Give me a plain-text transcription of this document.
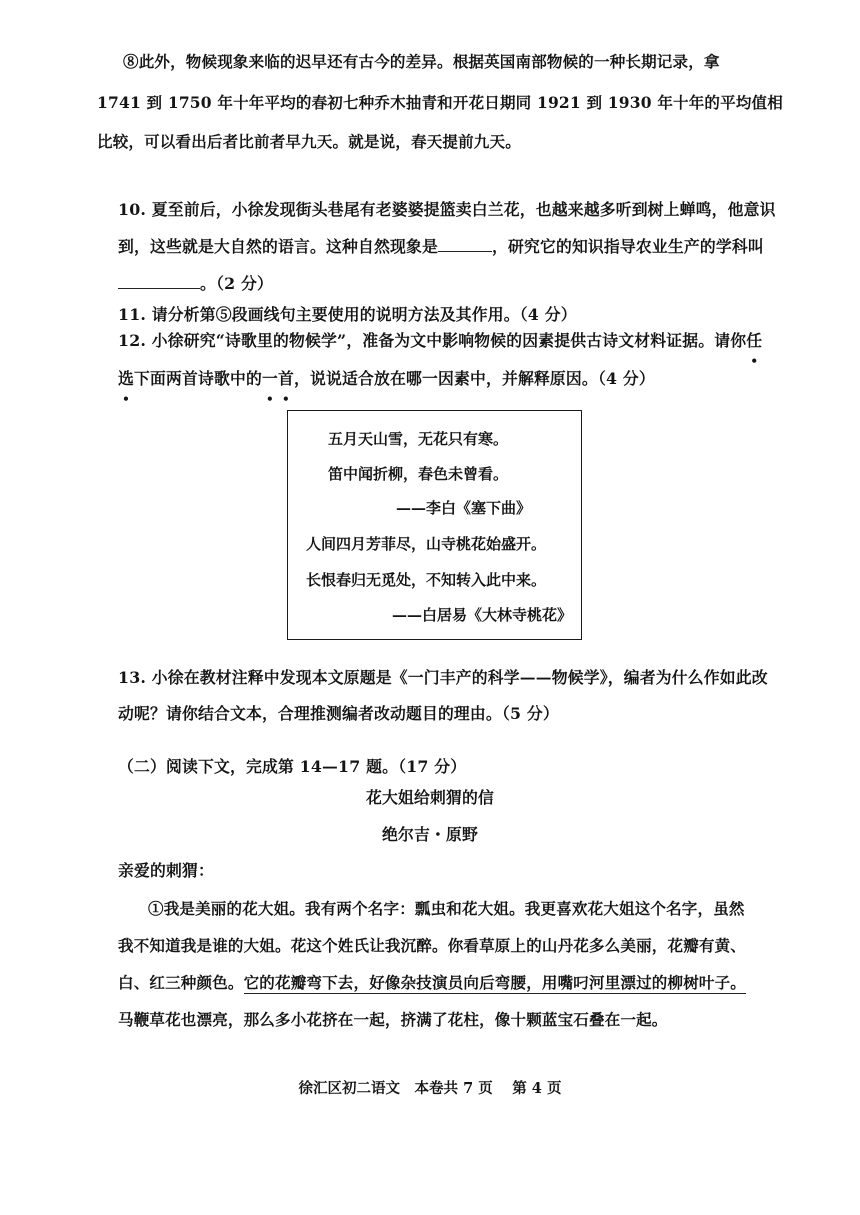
⑧此外，物候现象来临的迟早还有古今的差异。根据英国南部物候的一种长期记录，拿
1741 到 1750 年十年平均的春初七种乔木抽青和开花日期同 1921 到 1930 年十年的平均值相
比较，可以看出后者比前者早九天。就是说，春天提前九天。
10. 夏至前后，小徐发现街头巷尾有老婆婆提篮卖白兰花，也越来越多听到树上蝉鸣，他意识
到，这些就是大自然的语言。这种自然现象是	，研究它的知识指导农业生产的学科叫
。（2 分）
11. 请分析第⑤段画线句主要使用的说明方法及其作用。（4 分）
12. 小徐研究“诗歌里的物候学”，准备为文中影响物候的因素提供古诗文材料证据。请你任
选下面两首诗歌中的一首，说说适合放在哪一因素中，并解释原因。（4 分）
五月天山雪，无花只有寒。
笛中闻折柳，春色未曾看。
——李白《塞下曲》
人间四月芳菲尽，山寺桃花始盛开。
长恨春归无觅处，不知转入此中来。
——白居易《大林寺桃花》
13. 小徐在教材注释中发现本文原题是《一门丰产的科学——物候学》，编者为什么作如此改
动呢？请你结合文本，合理推测编者改动题目的理由。（5 分）
（二）阅读下文，完成第 14—17 题。（17 分）
花大姐给刺猬的信
绝尔吉・原野
亲爱的刺猬：
①我是美丽的花大姐。我有两个名字：瓢虫和花大姐。我更喜欢花大姐这个名字，虽然
我不知道我是谁的大姐。花这个姓氏让我沉醉。你看草原上的山丹花多么美丽，花瓣有黄、
白、红三种颜色。它的花瓣弯下去，好像杂技演员向后弯腰，用嘴叼河里漂过的柳树叶子。
马鞭草花也漂亮，那么多小花挤在一起，挤满了花柱，像十颗蓝宝石叠在一起。
徐汇区初二语文　本卷共 7 页　 第 4 页
